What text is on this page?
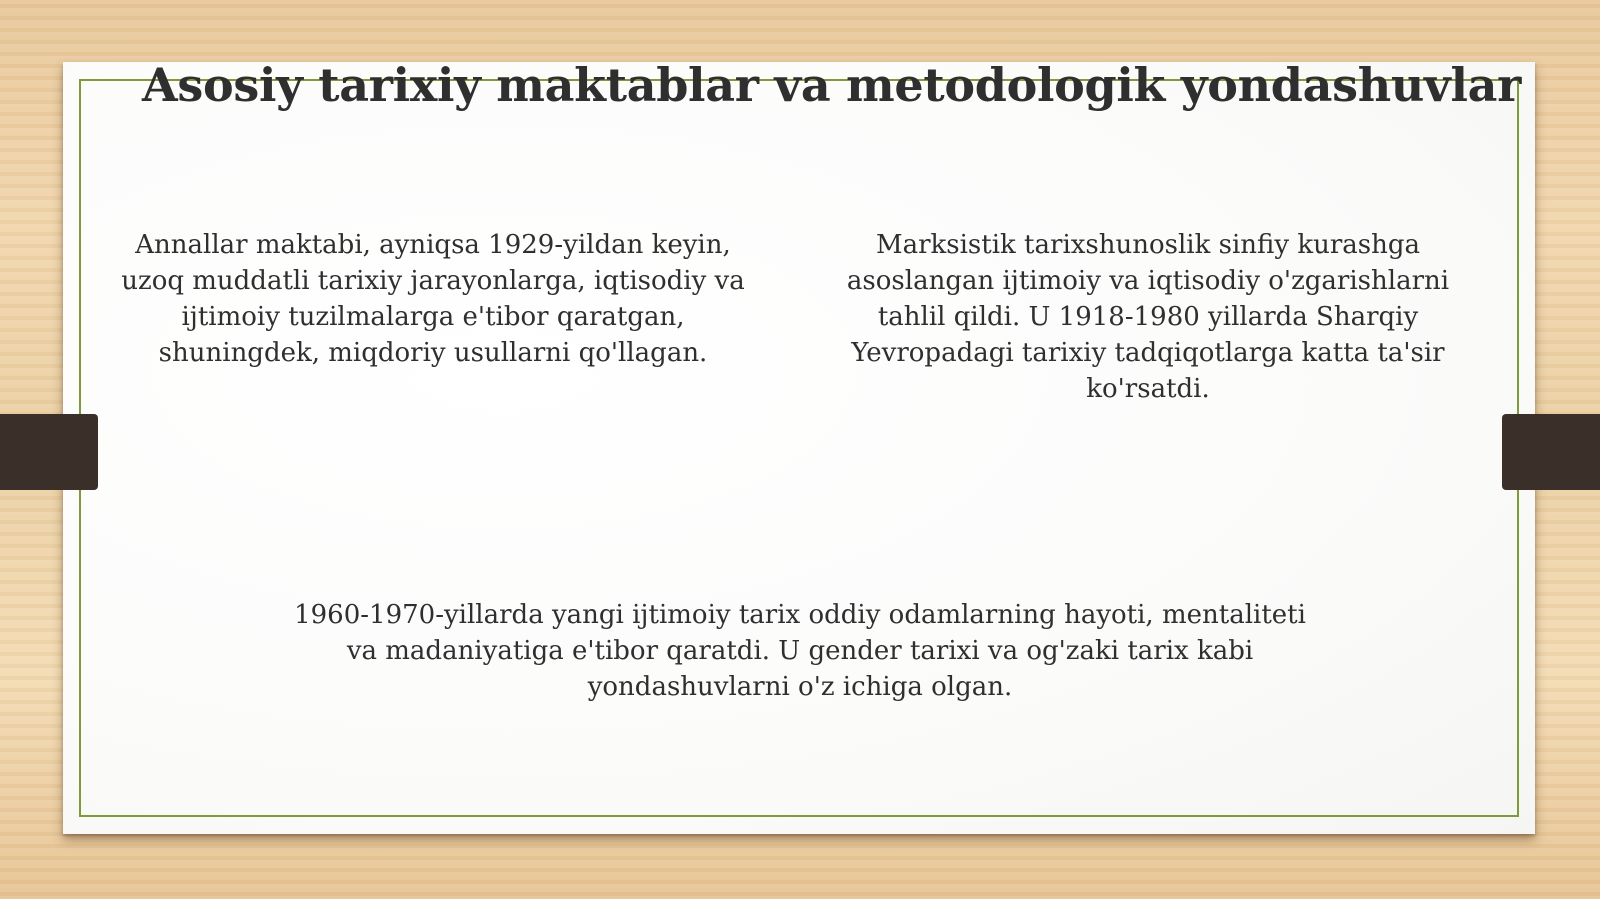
Asosiy tarixiy maktablar va metodologik yondashuvlar

Annallar maktabi, ayniqsa 1929-yildan keyin, uzoq muddatli tarixiy jarayonlarga, iqtisodiy va ijtimoiy tuzilmalarga e'tibor qaratgan, shuningdek, miqdoriy usullarni qo'llagan.

Marksistik tarixshunoslik sinfiy kurashga asoslangan ijtimoiy va iqtisodiy o'zgarishlarni tahlil qildi. U 1918-1980 yillarda Sharqiy Yevropadagi tarixiy tadqiqotlarga katta ta'sir ko'rsatdi.

1960-1970-yillarda yangi ijtimoiy tarix oddiy odamlarning hayoti, mentaliteti va madaniyatiga e'tibor qaratdi. U gender tarixi va og'zaki tarix kabi yondashuvlarni o'z ichiga olgan.
